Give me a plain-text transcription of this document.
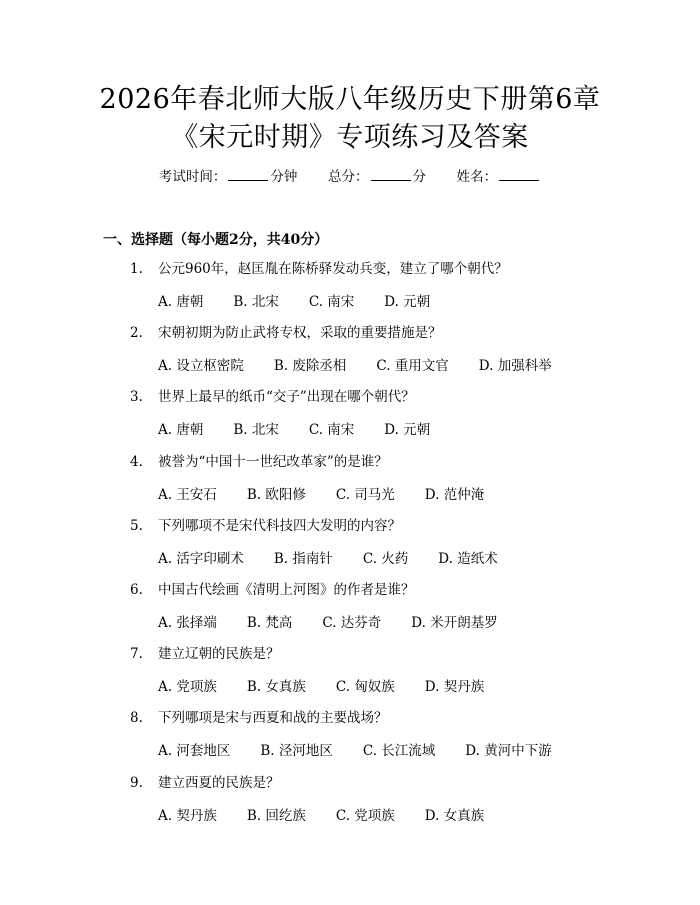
2026年春北师大版八年级历史下册第6章
《宋元时期》专项练习及答案
考试时间：	分钟 总分：	分 姓名：
一、选择题（每小题2分，共40分）
1. 公元960年，赵匡胤在陈桥驿发动兵变，建立了哪个朝代？
A. 唐朝 B. 北宋 C. 南宋 D. 元朝
2. 宋朝初期为防止武将专权，采取的重要措施是？
A. 设立枢密院 B. 废除丞相 C. 重用文官 D. 加强科举
3. 世界上最早的纸币“交子”出现在哪个朝代？
A. 唐朝 B. 北宋 C. 南宋 D. 元朝
4. 被誉为“中国十一世纪改革家”的是谁？
A. 王安石 B. 欧阳修 C. 司马光 D. 范仲淹
5. 下列哪项不是宋代科技四大发明的内容？
A. 活字印刷术 B. 指南针 C. 火药 D. 造纸术
6. 中国古代绘画《清明上河图》的作者是谁？
A. 张择端 B. 梵高 C. 达芬奇 D. 米开朗基罗
7. 建立辽朝的民族是？
A. 党项族 B. 女真族 C. 匈奴族 D. 契丹族
8. 下列哪项是宋与西夏和战的主要战场？
A. 河套地区 B. 泾河地区 C. 长江流域 D. 黄河中下游
9. 建立西夏的民族是？
A. 契丹族 B. 回纥族 C. 党项族 D. 女真族
